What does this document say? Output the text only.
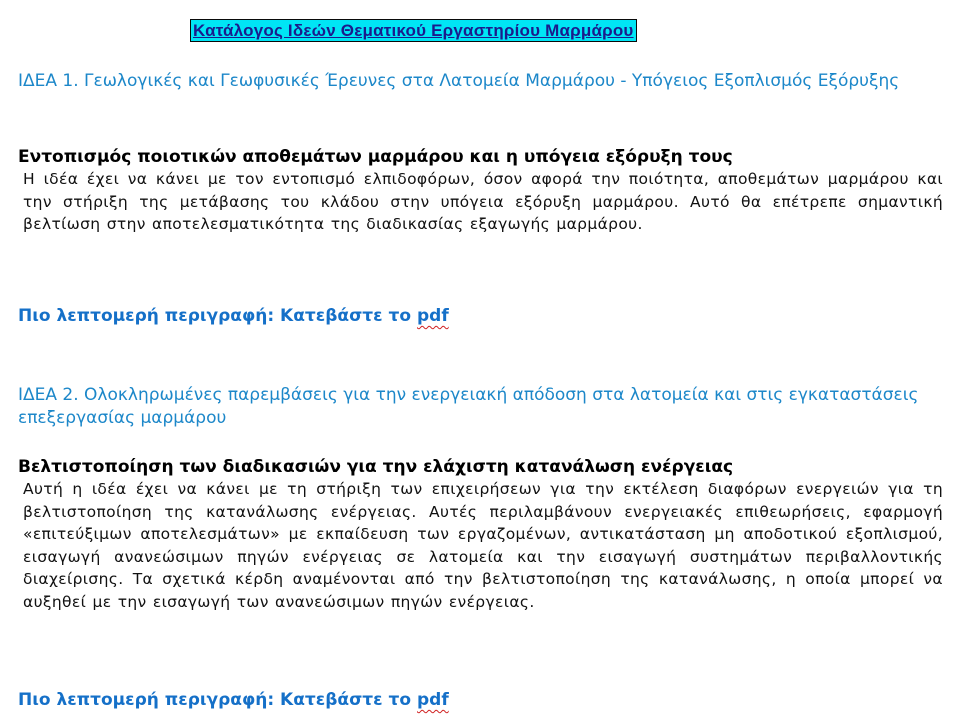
Κατάλογος Ιδεών Θεματικού Εργαστηρίου Μαρμάρου
ΙΔΕΑ 1. Γεωλογικές και Γεωφυσικές Έρευνες στα Λατομεία Μαρμάρου - Υπόγειος Εξοπλισμός Εξόρυξης
Εντοπισμός ποιοτικών αποθεμάτων μαρμάρου και η υπόγεια εξόρυξη τους

Η ιδέα έχει να κάνει με τον εντοπισμό ελπιδοφόρων, όσον αφορά την ποιότητα, αποθεμάτων μαρμάρου και την στήριξη της μετάβασης του κλάδου στην υπόγεια εξόρυξη μαρμάρου. Αυτό θα επέτρεπε σημαντική βελτίωση στην αποτελεσματικότητα της διαδικασίας εξαγωγής μαρμάρου.

Πιο λεπτομερή περιγραφή: Κατεβάστε το pdf

ΙΔΕΑ 2. Ολοκληρωμένες παρεμβάσεις για την ενεργειακή απόδοση στα λατομεία και στις εγκαταστάσεις επεξεργασίας μαρμάρου
Βελτιστοποίηση των διαδικασιών για την ελάχιστη κατανάλωση ενέργειας

Αυτή η ιδέα έχει να κάνει με τη στήριξη των επιχειρήσεων για την εκτέλεση διαφόρων ενεργειών για τη βελτιστοποίηση της κατανάλωσης ενέργειας. Αυτές περιλαμβάνουν ενεργειακές επιθεωρήσεις, εφαρμογή «επιτεύξιμων αποτελεσμάτων» με εκπαίδευση των εργαζομένων, αντικατάσταση μη αποδοτικού εξοπλισμού, εισαγωγή ανανεώσιμων πηγών ενέργειας σε λατομεία και την εισαγωγή συστημάτων περιβαλλοντικής διαχείρισης. Τα σχετικά κέρδη αναμένονται από την βελτιστοποίηση της κατανάλωσης, η οποία μπορεί να αυξηθεί με την εισαγωγή των ανανεώσιμων πηγών ενέργειας.

Πιο λεπτομερή περιγραφή: Κατεβάστε το pdf
